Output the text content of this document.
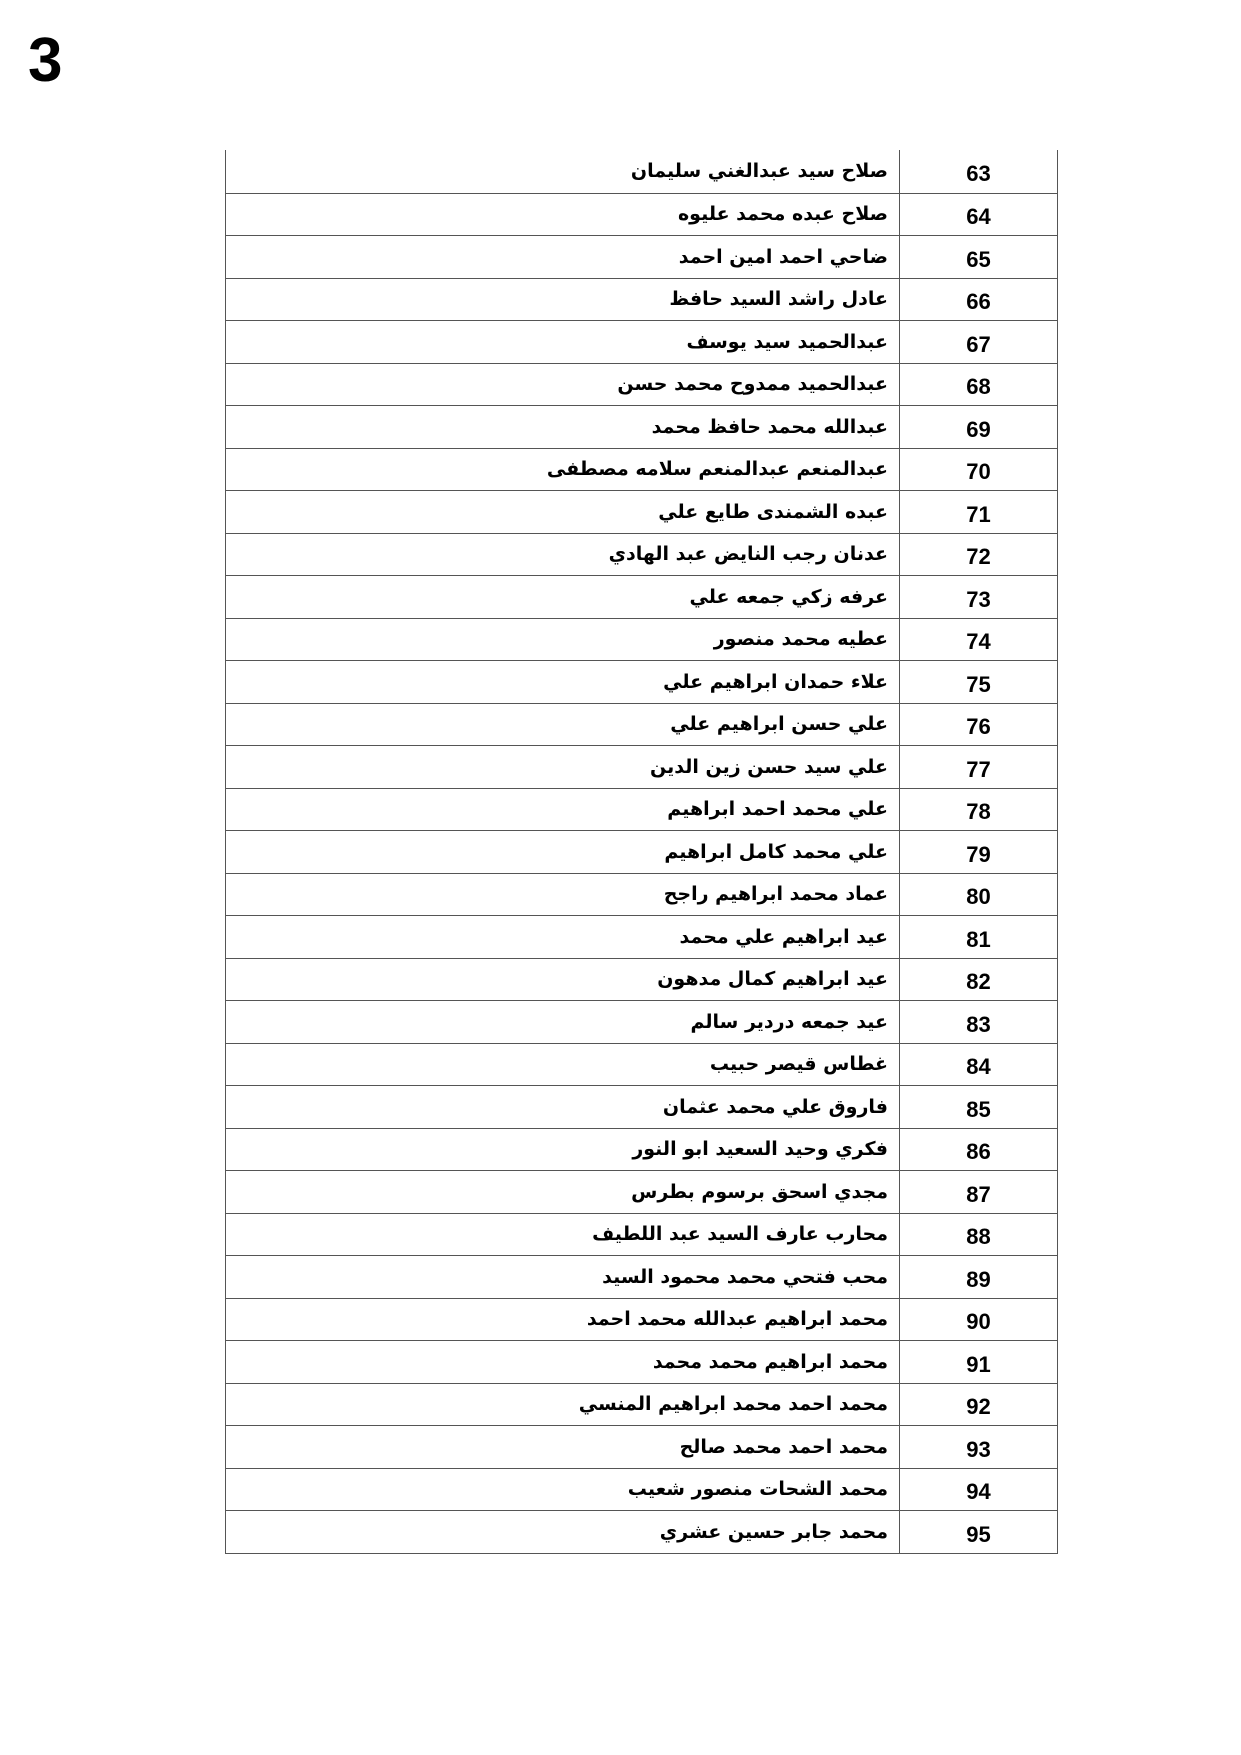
3
صلاح سيد عبدالغني سليمان	63
صلاح عبده محمد عليوه	64
ضاحي احمد امين احمد	65
عادل راشد السيد حافظ	66
عبدالحميد سيد يوسف	67
عبدالحميد ممدوح محمد حسن	68
عبدالله محمد حافظ محمد	69
عبدالمنعم عبدالمنعم سلامه مصطفى	70
عبده الشمندى طايع علي	71
عدنان رجب النايض عبد الهادي	72
عرفه زكي جمعه علي	73
عطيه محمد منصور	74
علاء حمدان ابراهيم علي	75
علي حسن ابراهيم علي	76
علي سيد حسن زين الدين	77
علي محمد احمد ابراهيم	78
علي محمد كامل ابراهيم	79
عماد محمد ابراهيم راجح	80
عيد ابراهيم علي محمد	81
عيد ابراهيم كمال مدهون	82
عيد جمعه دردير سالم	83
غطاس قيصر حبيب	84
فاروق علي محمد عثمان	85
فكري وحيد السعيد ابو النور	86
مجدي اسحق برسوم بطرس	87
محارب عارف السيد عبد اللطيف	88
محب فتحي محمد محمود السيد	89
محمد ابراهيم عبدالله محمد احمد	90
محمد ابراهيم محمد محمد	91
محمد احمد محمد ابراهيم المنسي	92
محمد احمد محمد صالح	93
محمد الشحات منصور شعيب	94
محمد جابر حسين عشري	95
